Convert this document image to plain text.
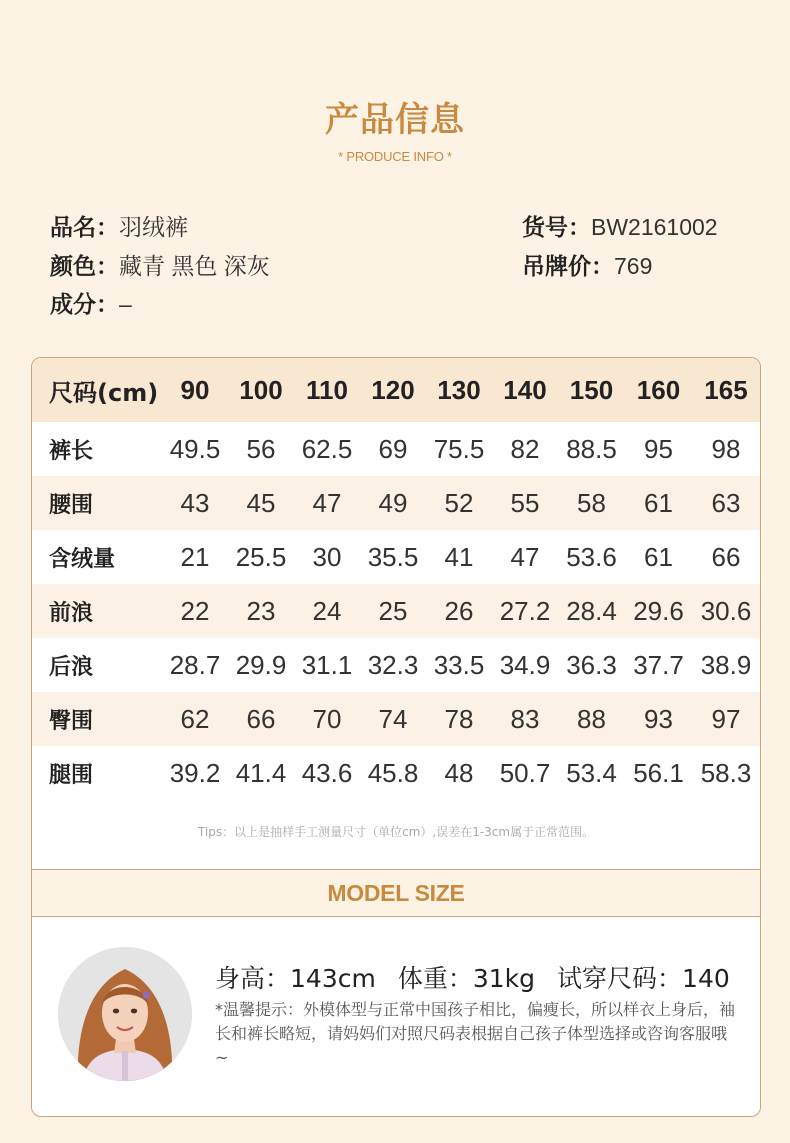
产品信息
* PRODUCE INFO *
品名：羽绒裤
颜色：藏青 黑色 深灰
成分：–
货号：BW2161002
吊牌价：769
尺码(cm)	90	100	110	120	130	140	150	160	165
裤长	49.5	56	62.5	69	75.5	82	88.5	95	98
腰围	43	45	47	49	52	55	58	61	63
含绒量	21	25.5	30	35.5	41	47	53.6	61	66
前浪	22	23	24	25	26	27.2	28.4	29.6	30.6
后浪	28.7	29.9	31.1	32.3	33.5	34.9	36.3	37.7	38.9
臀围	62	66	70	74	78	83	88	93	97
腿围	39.2	41.4	43.6	45.8	48	50.7	53.4	56.1	58.3
Tips：以上是抽样手工测量尺寸（单位cm）,误差在1-3cm属于正常范围。
MODEL SIZE
身高：143cm 体重：31kg 试穿尺码：140
*温馨提示：外模体型与正常中国孩子相比，偏瘦长，所以样衣上身后，袖长和裤长略短，请妈妈们对照尺码表根据自己孩子体型选择或咨询客服哦~
